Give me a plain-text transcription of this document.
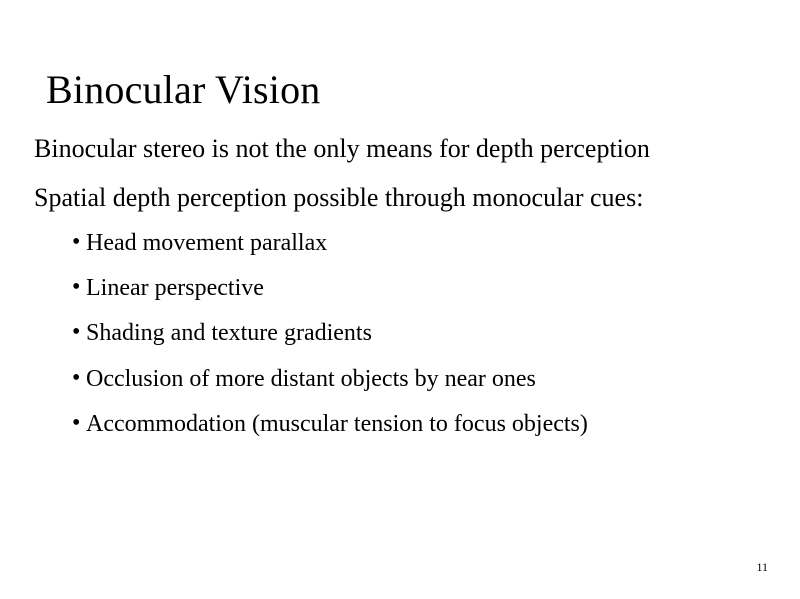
Binocular Vision

Binocular stereo is not the only means for depth perception

Spatial depth perception possible through monocular cues:

• Head movement parallax
• Linear perspective
• Shading and texture gradients
• Occlusion of more distant objects by near ones
• Accommodation (muscular tension to focus objects)
11
